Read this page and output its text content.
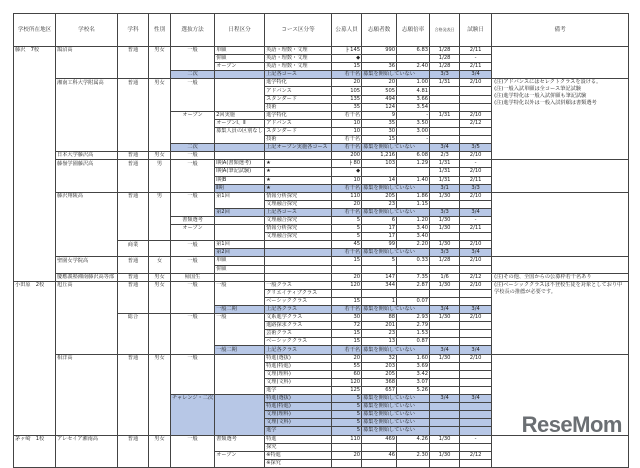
学校所在地区	学校名	学科	性別	選抜方法	日程区分	コース区分等	公募人員	志願者数	志願倍率	合格発表日	試験日	備考
藤沢　7校	鵠沼高	普通	男女	一般	単願	英語・理数・文理	├ 145	990	6.83	1/28	2/11	
					併願	英語・理数・文理	◆			1/28	-	
					オープン	英語・理数・文理	15	36	2.40	1/28	2/11	
				二次		上記各コース	若干名	募集を開始していない		3/3	3/4	
	湘南工科大学附属高	普通	男女	一般		進学特化	20	20	1.00	1/31	2/10	(注)アドバンスにはセレクトクラスを設ける。
(注)一般入試単願は全コース筆記試験
(注)進学特化は一般入試併願も筆記試験
(注)進学特化以外は一般入試併願は書類選考

						アドバンス	105	505	4.81			
						スタンダード	135	494	3.66			
						技術	35	124	3.54			
				オープン	2回実施	進学特化	若干名	9	-	1/31	2/10	
					オープンⅠ、Ⅱ	アドバンス	10	35	3.50		2/12	
					募集人員の区別なし	スタンダード	10	30	3.00			
						技術	若干名	15	-			
				二次		上記オープン実施各コース	若干名	募集を開始していない		3/4	3/5	
	日本大学藤沢高	普通	男女	一般			200	1,216	6.08	2/3	2/10	
	藤嶺学園藤沢高	普通	男	一般	Ⅰ期A(書類選考)	★	├ 80	103	1.29	1/31	-	

					Ⅰ期A(筆記試験)	★	◆			1/31	2/10	
					Ⅰ期B	★	10	14	1.40	1/31	2/11	
					Ⅱ期	★	若干名	募集を開始していない		3/1	3/3	
	藤沢翔陵高	普通	男	一般	第1回	情報分析探究	110	205	1.86	1/30	2/10	

						文理融合探究	20	23	1.15			
					第2回	上記各コース	若干名	募集を開始していない		3/3	3/4	
				書類選考		文理融合探究	5	6	1.20	1/30	-	
				オープン		情報分析探究	5	17	3.40	1/30	2/11	
						文理融合探究	5	17	3.40			
		商業		一般	第1回		45	99	2.20	1/30	2/10	
					第2回		若干名	募集を開始していない		3/3	3/4	
	聖園女学院高	普通	女	一般	単願		15	5	0.33	1/28	2/10	

					併願							
	慶應義塾湘南藤沢高等部	普通	男女	帰国生			20	147	7.35	1/6	2/12	(注)その他、全国からの公募枠若干名あり

小田原　2校	旭丘高	普通	男女	一般	一般	一般クラス	120	344	2.87	1/30	2/10	(注)ベーシッククラスは不登校生徒を対象としており中学校長の推薦が必要です。

						クリエイティブクラス						
						ベーシッククラス	15	1	0.07			
					一般二期	上記各クラス	若干名	募集を開始していない		3/4	3/4	
		総合		一般	一般	文系進学クラス	30	88	2.93	1/30	2/10	
						進路探求クラス	72	201	2.79			
						芸術クラス	15	23	1.53			
						ベーシッククラス	15	13	0.87			
					一般二期	上記各クラス	若干名	募集を開始していない		3/4	3/4	
	相洋高	普通	男女	一般		特進(選抜)	20	32	1.60	1/30	2/10	

						特進(特進)	55	203	3.69			
						文理(理科)	60	205	3.42			
						文理(文科)	120	368	3.07			
						進学	125	657	5.26			
				チャレンジ・二次		特進(選抜)	5	募集を開始していない		3/4	3/4	
						特進(特進)	5	募集を開始していない				
						文理(理科)	5	募集を開始していない				
						文理(文科)	5	募集を開始していない				
						進学	5	募集を開始していない				
茅ヶ崎　1校	アレセイア湘南高	普通	男女	一般	書類選考	特進	110	469	4.26	1/30	-	

						探究						
					オープン	※特進	20	46	2.30	1/30	2/12	
						※探究						
ReseMom
